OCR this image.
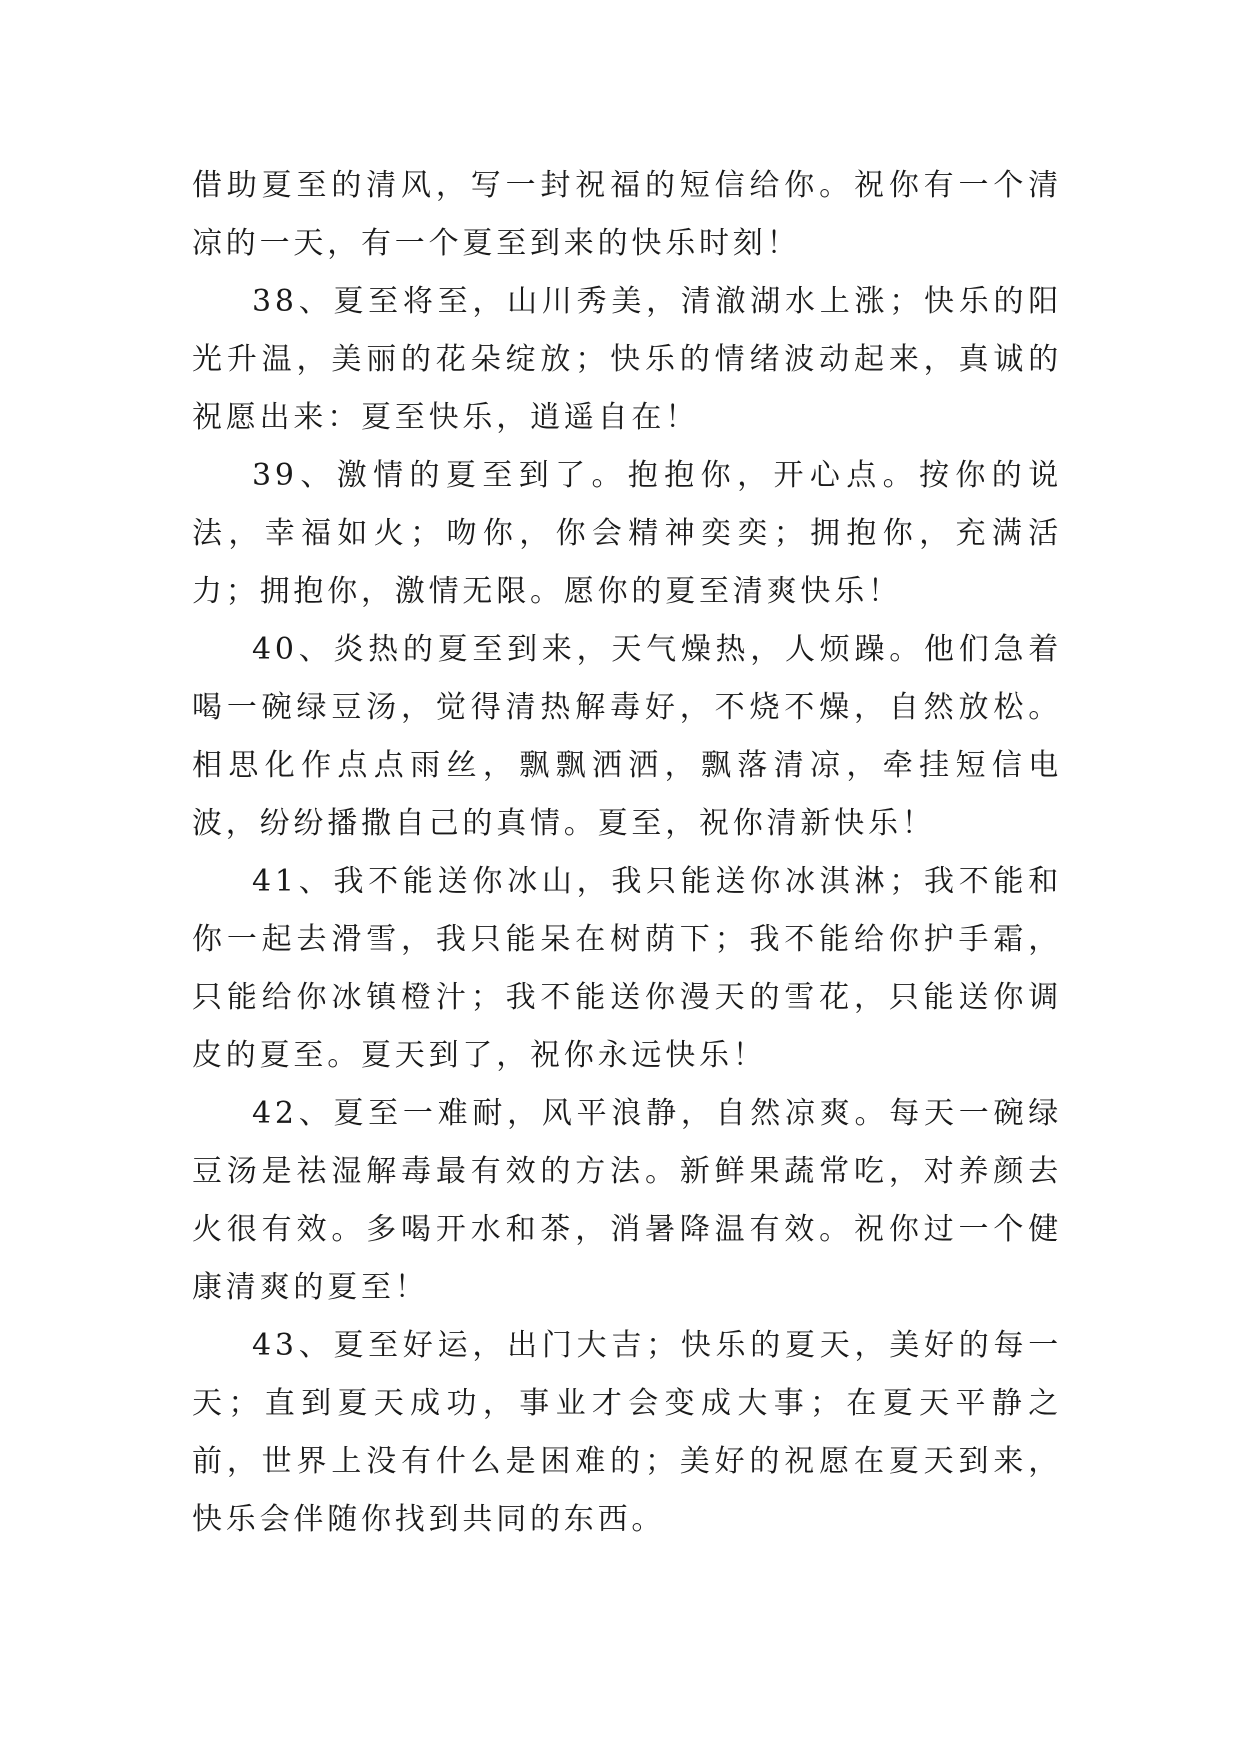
借助夏至的清风，写一封祝福的短信给你。祝你有一个清凉的一天，有一个夏至到来的快乐时刻！

38、夏至将至，山川秀美，清澈湖水上涨；快乐的阳光升温，美丽的花朵绽放；快乐的情绪波动起来，真诚的祝愿出来：夏至快乐，逍遥自在！

39、激情的夏至到了。抱抱你，开心点。按你的说法，幸福如火；吻你，你会精神奕奕；拥抱你，充满活力；拥抱你，激情无限。愿你的夏至清爽快乐！

40、炎热的夏至到来，天气燥热，人烦躁。他们急着喝一碗绿豆汤，觉得清热解毒好，不烧不燥，自然放松。相思化作点点雨丝，飘飘洒洒，飘落清凉，牵挂短信电波，纷纷播撒自己的真情。夏至，祝你清新快乐！

41、我不能送你冰山，我只能送你冰淇淋；我不能和你一起去滑雪，我只能呆在树荫下；我不能给你护手霜，只能给你冰镇橙汁；我不能送你漫天的雪花，只能送你调皮的夏至。夏天到了，祝你永远快乐！

42、夏至一难耐，风平浪静，自然凉爽。每天一碗绿豆汤是祛湿解毒最有效的方法。新鲜果蔬常吃，对养颜去火很有效。多喝开水和茶，消暑降温有效。祝你过一个健康清爽的夏至！

43、夏至好运，出门大吉；快乐的夏天，美好的每一天；直到夏天成功，事业才会变成大事；在夏天平静之前，世界上没有什么是困难的；美好的祝愿在夏天到来，快乐会伴随你找到共同的东西。
